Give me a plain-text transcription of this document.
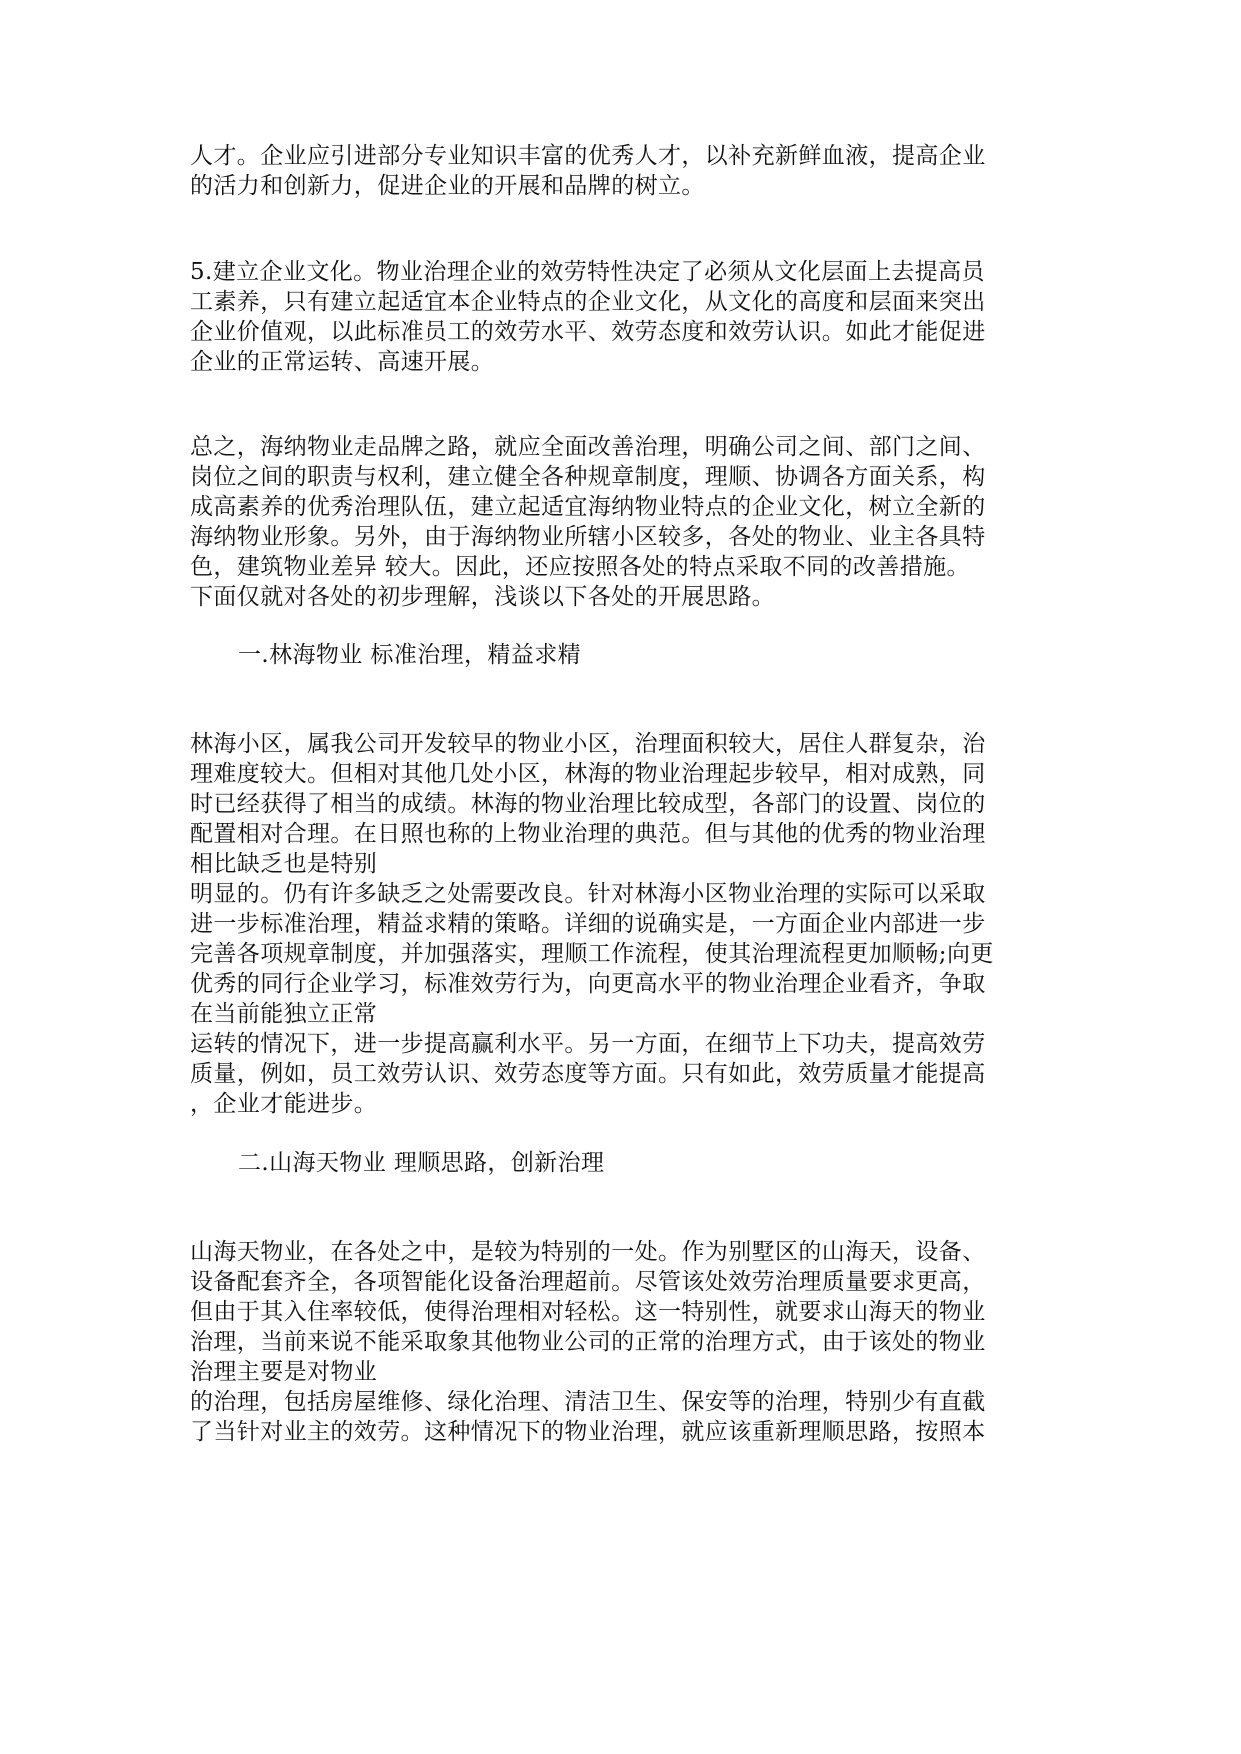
人才。企业应引进部分专业知识丰富的优秀人才，以补充新鲜血液，提高企业

的活力和创新力，促进企业的开展和品牌的树立。

5.建立企业文化。物业治理企业的效劳特性决定了必须从文化层面上去提高员

工素养，只有建立起适宜本企业特点的企业文化，从文化的高度和层面来突出

企业价值观，以此标准员工的效劳水平、效劳态度和效劳认识。如此才能促进

企业的正常运转、高速开展。

总之，海纳物业走品牌之路，就应全面改善治理，明确公司之间、部门之间、

岗位之间的职责与权利，建立健全各种规章制度，理顺、协调各方面关系，构

成高素养的优秀治理队伍，建立起适宜海纳物业特点的企业文化，树立全新的

海纳物业形象。另外，由于海纳物业所辖小区较多，各处的物业、业主各具特

色，建筑物业差异 较大。因此，还应按照各处的特点采取不同的改善措施。

下面仅就对各处的初步理解，浅谈以下各处的开展思路。

一.林海物业 标准治理，精益求精

林海小区，属我公司开发较早的物业小区，治理面积较大，居住人群复杂，治

理难度较大。但相对其他几处小区，林海的物业治理起步较早，相对成熟，同

时已经获得了相当的成绩。林海的物业治理比较成型，各部门的设置、岗位的

配置相对合理。在日照也称的上物业治理的典范。但与其他的优秀的物业治理

相比缺乏也是特别

明显的。仍有许多缺乏之处需要改良。针对林海小区物业治理的实际可以采取

进一步标准治理，精益求精的策略。详细的说确实是，一方面企业内部进一步

完善各项规章制度，并加强落实，理顺工作流程，使其治理流程更加顺畅;向更

优秀的同行企业学习，标准效劳行为，向更高水平的物业治理企业看齐，争取

在当前能独立正常

运转的情况下，进一步提高赢利水平。另一方面，在细节上下功夫，提高效劳

质量，例如，员工效劳认识、效劳态度等方面。只有如此，效劳质量才能提高

，企业才能进步。

二.山海天物业 理顺思路，创新治理

山海天物业，在各处之中，是较为特别的一处。作为别墅区的山海天，设备、

设备配套齐全，各项智能化设备治理超前。尽管该处效劳治理质量要求更高，

但由于其入住率较低，使得治理相对轻松。这一特别性，就要求山海天的物业

治理，当前来说不能采取象其他物业公司的正常的治理方式，由于该处的物业

治理主要是对物业

的治理，包括房屋维修、绿化治理、清洁卫生、保安等的治理，特别少有直截

了当针对业主的效劳。这种情况下的物业治理，就应该重新理顺思路，按照本
